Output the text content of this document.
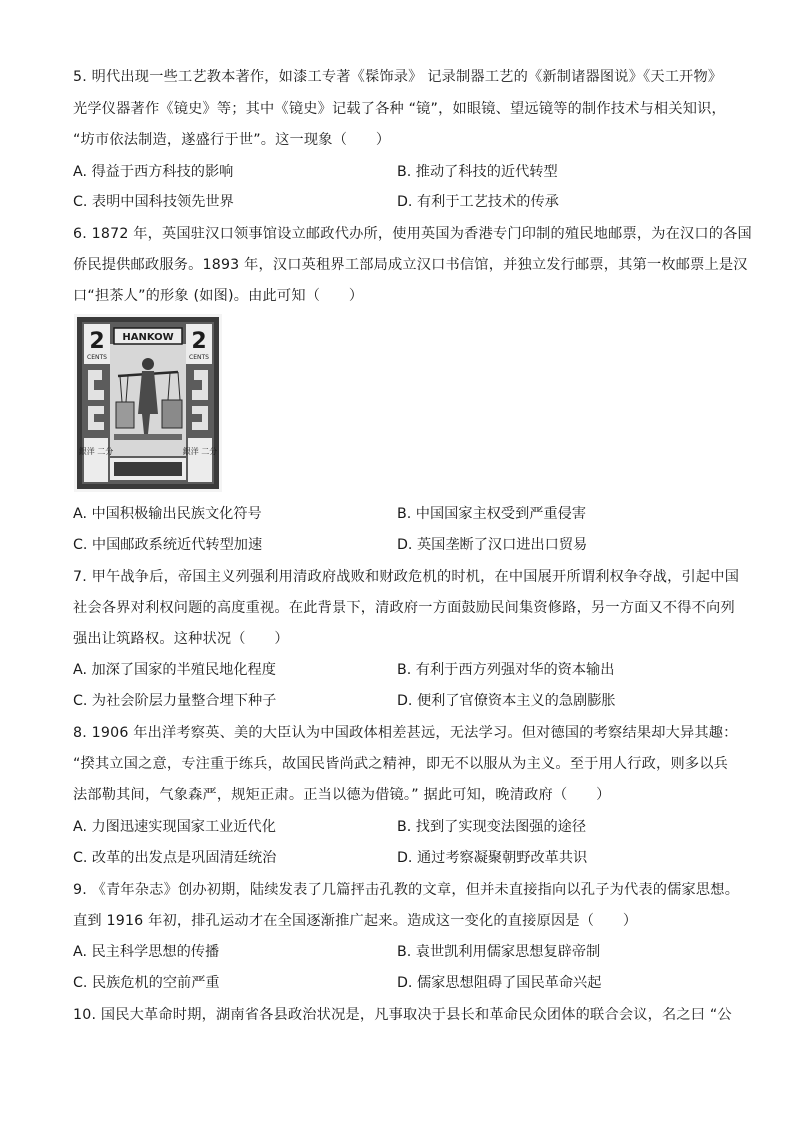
5. 明代出现一些工艺教本著作，如漆工专著《髹饰录》 记录制器工艺的《新制诸器图说》《天工开物》
光学仪器著作《镜史》等；其中《镜史》记载了各种 “镜”，如眼镜、望远镜等的制作技术与相关知识，
“坊市依法制造，遂盛行于世”。这一现象（　　）
A. 得益于西方科技的影响	B. 推动了科技的近代转型
C. 表明中国科技领先世界	D. 有利于工艺技术的传承
6. 1872 年，英国驻汉口领事馆设立邮政代办所，使用英国为香港专门印制的殖民地邮票，为在汉口的各国
侨民提供邮政服务。1893 年，汉口英租界工部局成立汉口书信馆，并独立发行邮票，其第一枚邮票上是汉
口“担茶人”的形象 (如图)。由此可知（　　）
2	2
CENTS	CENTS
HANKOW
銀洋 二分	銀洋 二分
A. 中国积极输出民族文化符号	B. 中国国家主权受到严重侵害
C. 中国邮政系统近代转型加速	D. 英国垄断了汉口进出口贸易
7. 甲午战争后，帝国主义列强利用清政府战败和财政危机的时机，在中国展开所谓利权争夺战，引起中国
社会各界对利权问题的高度重视。在此背景下，清政府一方面鼓励民间集资修路，另一方面又不得不向列
强出让筑路权。这种状况（　　）
A. 加深了国家的半殖民地化程度	B. 有利于西方列强对华的资本输出
C. 为社会阶层力量整合埋下种子	D. 便利了官僚资本主义的急剧膨胀
8. 1906 年出洋考察英、美的大臣认为中国政体相差甚远，无法学习。但对德国的考察结果却大异其趣：
“揆其立国之意，专注重于练兵，故国民皆尚武之精神，即无不以服从为主义。至于用人行政，则多以兵
法部勒其间，气象森严，规矩正肃。正当以德为借镜。” 据此可知，晚清政府（　　）
A. 力图迅速实现国家工业近代化	B. 找到了实现变法图强的途径
C. 改革的出发点是巩固清廷统治	D. 通过考察凝聚朝野改革共识
9. 《青年杂志》创办初期，陆续发表了几篇抨击孔教的文章，但并未直接指向以孔子为代表的儒家思想。
直到 1916 年初，排孔运动才在全国逐渐推广起来。造成这一变化的直接原因是（　　）
A. 民主科学思想的传播	B. 袁世凯利用儒家思想复辟帝制
C. 民族危机的空前严重	D. 儒家思想阻碍了国民革命兴起
10. 国民大革命时期，湖南省各县政治状况是，凡事取决于县长和革命民众团体的联合会议，名之曰 “公
